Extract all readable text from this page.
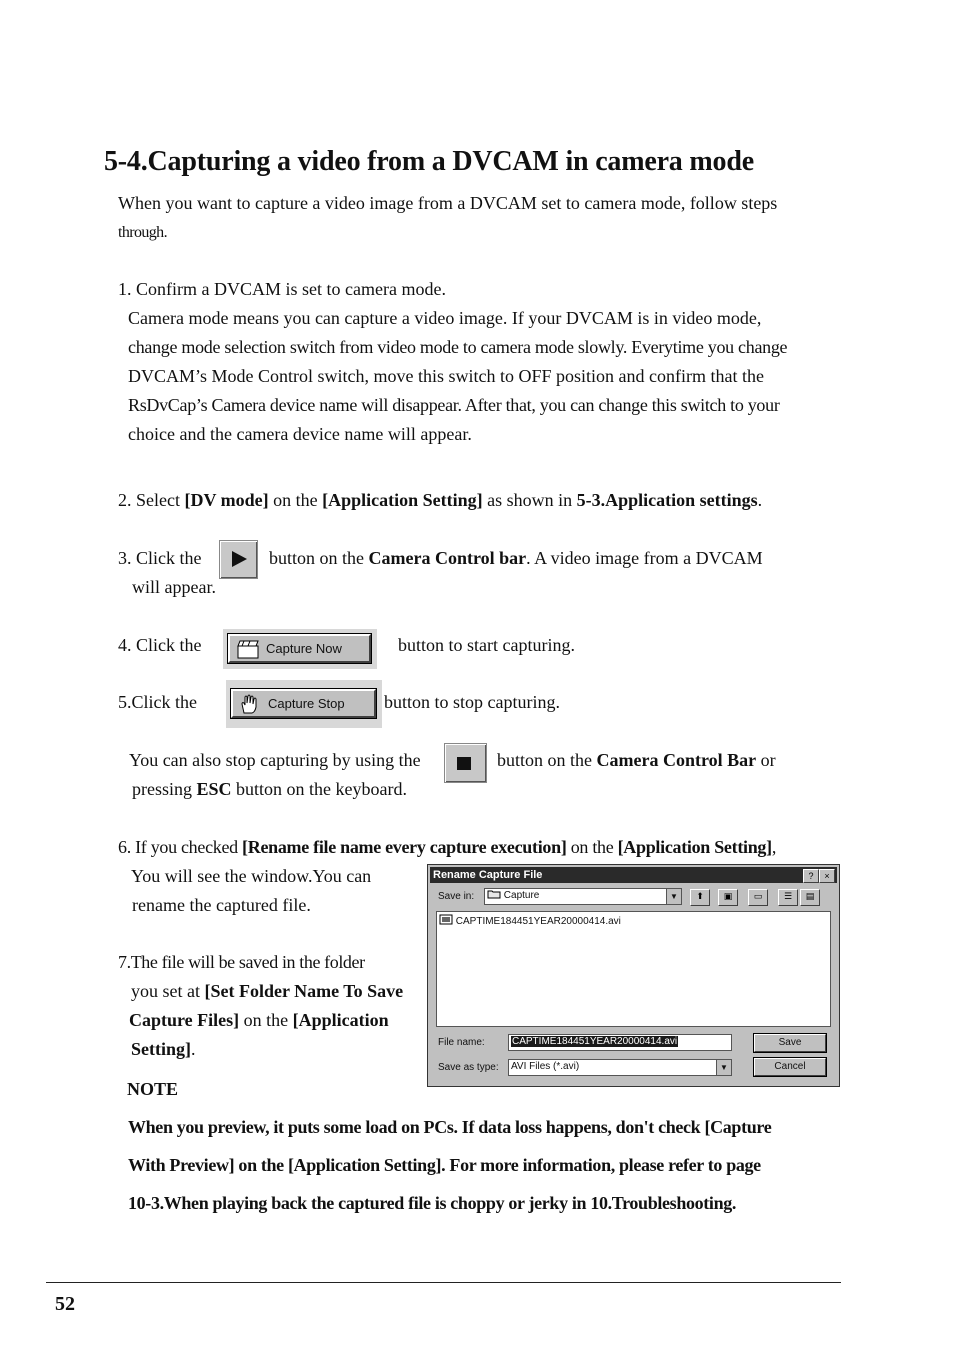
5-4.Capturing a video from a DVCAM in camera mode
When you want to capture a video image from a DVCAM set to camera mode, follow steps
through.
1. Confirm a DVCAM is set to camera mode.
Camera mode means you can capture a video image. If your DVCAM is in video mode,
change mode selection switch from video mode to camera mode slowly. Everytime you change
DVCAM’s Mode Control switch, move this switch to OFF position and confirm that the
RsDvCap’s Camera device name will disappear. After that, you can change this switch to your
choice and the camera device name will appear.
2. Select [DV mode] on the [Application Setting] as shown in 5-3.Application settings.
3. Click the	button on the Camera Control bar. A video image from a DVCAM
will appear.
4. Click the	Capture Now	button to start capturing.
5.Click the	Capture Stop button to stop capturing.
You can also stop capturing by using the	button on the Camera Control Bar or
pressing ESC button on the keyboard.
6. If you checked [Rename file name every capture execution] on the [Application Setting],
You will see the window.You can
rename the captured file.
7.The file will be saved in the folder
you set at [Set Folder Name To Save
Capture Files] on the [Application
Setting].
Rename Capture File	?	×
Save in:	Capture	▼	⬆	▣	▭	☰	▤
CAPTIME184451YEAR20000414.avi
File name:	CAPTIME184451YEAR20000414.avi	Save
Save as type:	AVI Files (*.avi)	▼	Cancel
NOTE
When you preview, it puts some load on PCs. If data loss happens, don't check [Capture
With Preview] on the [Application Setting]. For more information, please refer to page
10-3.When playing back the captured file is choppy or jerky in 10.Troubleshooting.
52
